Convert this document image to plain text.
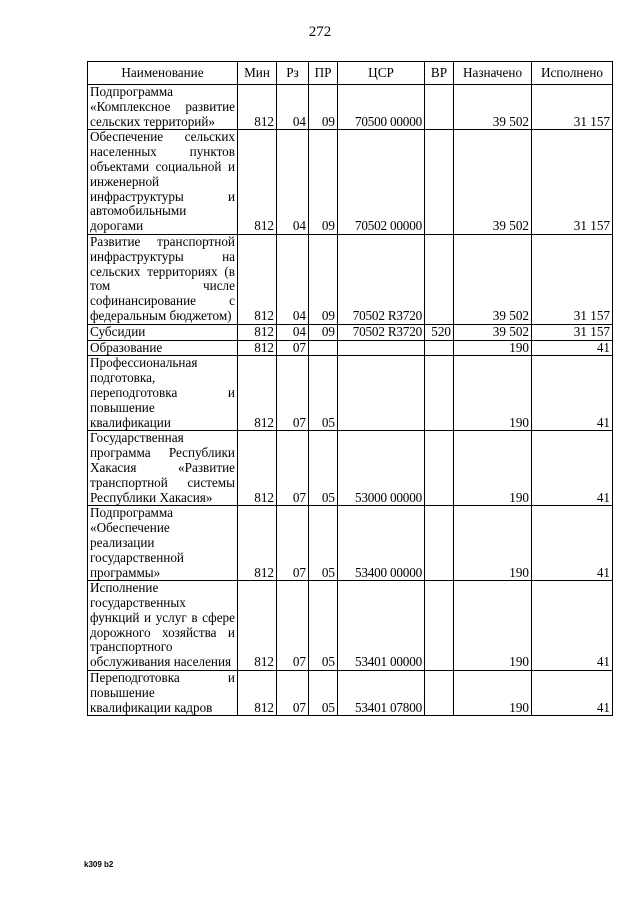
272
Наименование	Мин	Рз	ПР	ЦСР	ВР	Назначено	Исполнено

Подпрограмма «Комплексное развитие сельских территорий»	812	04	09	70500 00000		39 502	31 157

Обеспечение сельских населенных пунктов объектами социальной и инженерной инфраструктуры и автомобильными дорогами	812	04	09	70502 00000		39 502	31 157

Развитие транспортной инфраструктуры на сельских территориях (в том числе софинансирование с федеральным бюджетом)	812	04	09	70502 R3720		39 502	31 157

Субсидии	812	04	09	70502 R3720	520	39 502	31 157

Образование	812	07				190	41

Профессиональная подготовка, переподготовка и повышение квалификации	812	07	05			190	41

Государственная программа Республики Хакасия «Развитие транспортной системы Республики Хакасия»	812	07	05	53000 00000		190	41

Подпрограмма «Обеспечение реализации государственной программы»	812	07	05	53400 00000		190	41

Исполнение государственных функций и услуг в сфере дорожного хозяйства и транспортного обслуживания населения	812	07	05	53401 00000		190	41

Переподготовка и повышение квалификации кадров	812	07	05	53401 07800		190	41
k309 b2
